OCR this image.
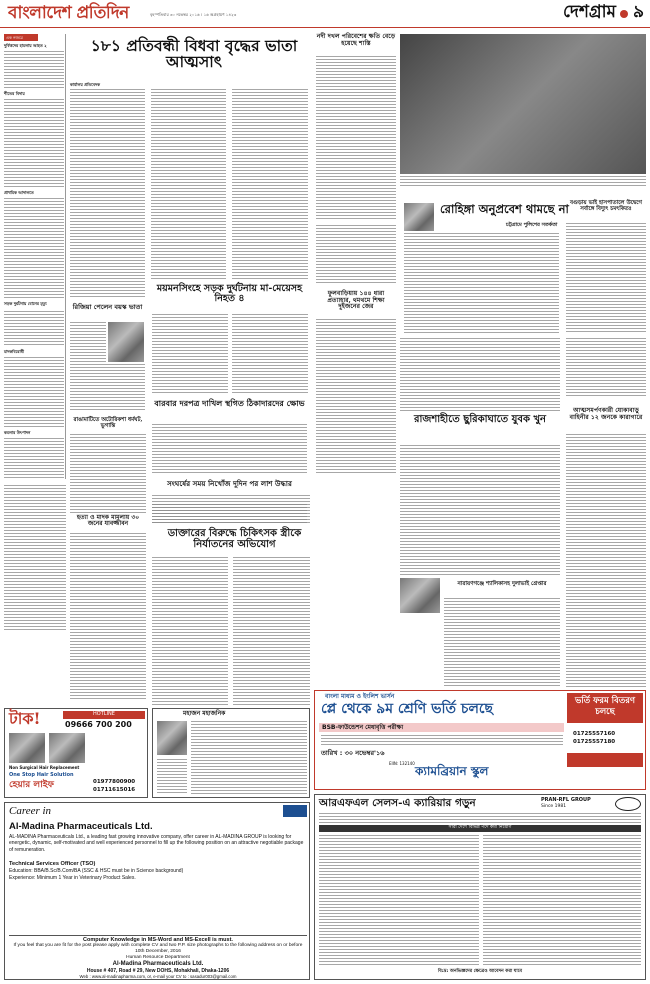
বাংলাদেশ প্রতিদিন	বৃহস্পতিবার ৩০ নভেম্বর ২০১৬ । ১৬ অগ্রহায়ণ ১৪২৩	দেশগ্রাম ৯
এক নজরে
দুর্বিত্তদের হামলায় আহত ২
শীতের বিদায়
প্রাথমিক আদালতে
সড়ক দুর্ঘটনায় বোনের মৃত্যু
মাদকবিরোধী
কমলার উৎপাদন
১৮১ প্রতিবন্ধী বিধবা বৃদ্ধের ভাতা আত্মসাৎ
কার্যালয় প্রতিবেদক
রিজিয়া পেলেন বয়স্ক ভাতা
ময়মনসিংহে সড়ক দুর্ঘটনায় মা-মেয়েসহ নিহত ৪
বারবার দরপত্র দাখিল স্থগিত ঠিকাদারদের ক্ষোভ
রাঙামাটিতে অটোরিকশা ধর্মঘট, ভুগান্তি
সংঘর্ষের সময় নিখোঁজ দুদিন পর লাশ উদ্ধার
হত্যা ও মাদক মামলায় ৩০ জনের যাবজ্জীবন
ডাক্তারের বিরুদ্ধে চিকিৎসক স্ত্রীকে নির্যাতনের অভিযোগ
নদী দখল পরিবেশের ক্ষতি বেড়ে হয়েছে শাস্তি
রোহিঙ্গা অনুপ্রবেশ থামছে না
চট্টগ্রামে পুলিশের সতর্কতা
বগুড়ায় ভাই হাসপাতালে উদ্বেগে সর্বাঙ্গে বিদ্যুৎ চমৎকিতঃ
ফুলবাড়িয়ায় ১৪৪ ধারা প্রত্যাহার, থমথমে শিক্ষা দুইজনের জের
রাজশাহীতে ছুরিকাঘাতে যুবক খুন
নারায়ণগঞ্জে শ্যালিকাসহ দুলাভাই গ্রেপ্তার
আত্মসমর্পণকারী যোকাবাড়ু বাহিনীর ১২ জনকে কারাগারে
বাংলা মাধ্যম ও ইংলিশ ভার্সন
প্লে থেকে ৯ম শ্রেণি ভর্তি চলছে	ভর্তি ফরম বিতরণ চলছে
BSB-ফাউন্ডেশন মেধাবৃত্তি পরীক্ষা
তারিখ : ৩০ নভেম্বর'১৬
EIIN: 132140
ক্যামব্রিয়ান স্কুল
01725557160
01725557180
টাক!	HOTLINE
09666 700 200
Non Surgical Hair Replacement
One Stop Hair Solution
হেয়ার লাইফ	01977800900
01711615016
মহাজন মহাজনিক
Career in
Al-Madina Pharmaceuticals Ltd.
AL-MADINA Pharmaceuticals Ltd., a leading fast growing innovative company, offer career in AL-MADINA GROUP is looking for energetic, dynamic, self-motivated and well experienced personnel to fill up the following position on an attractive negotiable package of remuneration.
Technical Services Officer (TSO)
Education: BBA/B.Sc/B.Com/BA (SSC & HSC must be in Science background)
Experience: Minimum 1 Year in Veterinary Product Sales.
Computer Knowledge in MS-Word and MS-Excell is must.
If you feel that you are fit for the post please apply with complete CV and two P.P. size photographs to the following address on or before 10th December, 2016
Human Resource Department
Al-Madina Pharmaceuticals Ltd.
House # 407, Road # 29, New DOHS, Mohakhali, Dhaka-1206
Web : www.al-madinapharma.com, or, e-mail your CV to : sasadur003@gmail.com
আরএফএল সেলস-এ ক্যারিয়ার গড়ুন	PRAN-RFL GROUP
Since 1981
সারা দেশে বিভিন্ন পদে কর্মী নিয়োগ
বি:দ্র: অনভিজ্ঞদের ক্ষেত্রেও আবেদন করা যাবে
